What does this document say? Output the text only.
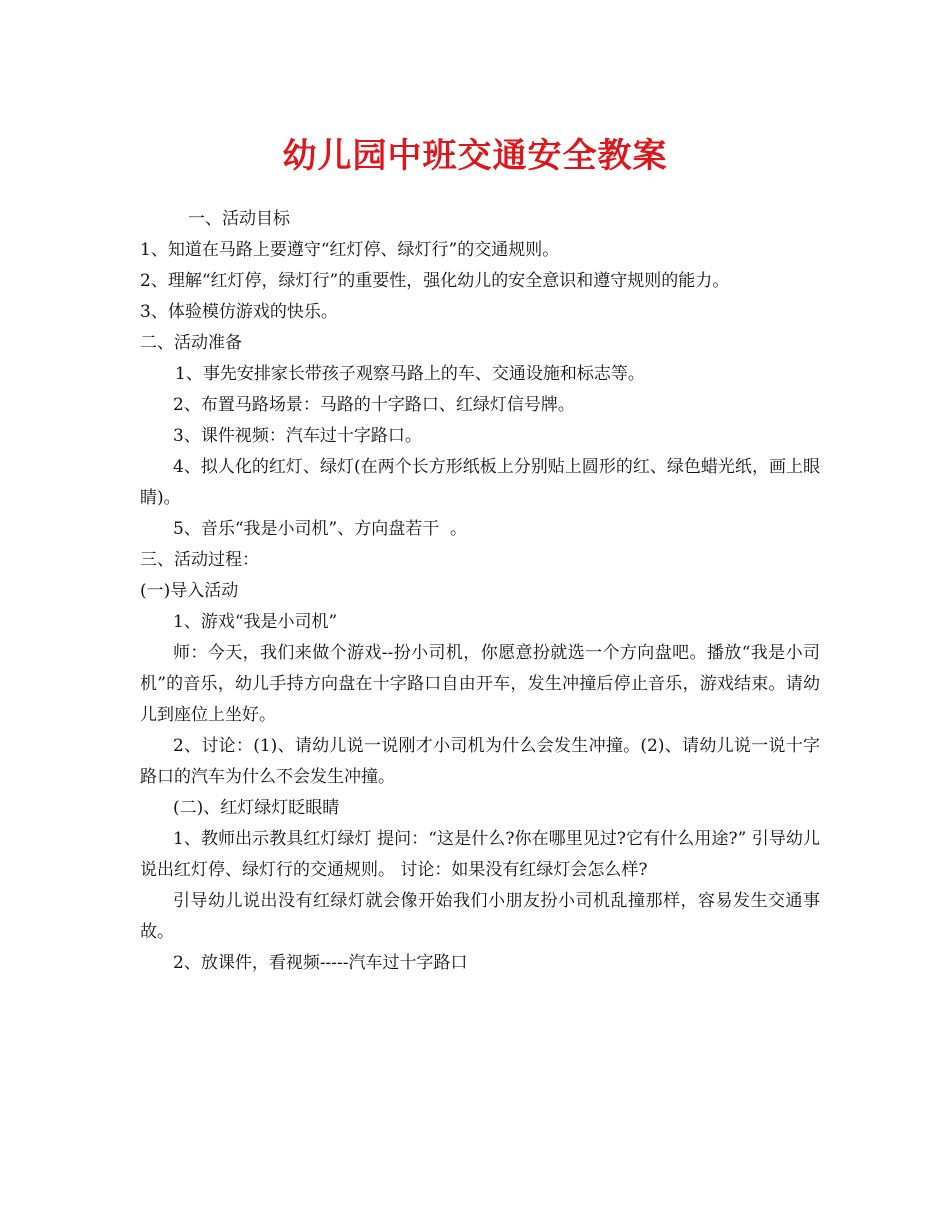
幼儿园中班交通安全教案

一、活动目标

1、知道在马路上要遵守“红灯停、绿灯行”的交通规则。

2、理解“红灯停，绿灯行”的重要性，强化幼儿的安全意识和遵守规则的能力。

3、体验模仿游戏的快乐。

二、活动准备

1、事先安排家长带孩子观察马路上的车、交通设施和标志等。

2、布置马路场景：马路的十字路口、红绿灯信号牌。

3、课件视频：汽车过十字路口。

4、拟人化的红灯、绿灯(在两个长方形纸板上分别贴上圆形的红、绿色蜡光纸，画上眼睛)。

5、音乐“我是小司机”、方向盘若干  。

三、活动过程：

(一)导入活动

1、游戏“我是小司机”

师：今天，我们来做个游戏--扮小司机，你愿意扮就选一个方向盘吧。播放“我是小司机”的音乐，幼儿手持方向盘在十字路口自由开车，发生冲撞后停止音乐，游戏结束。请幼儿到座位上坐好。

2、讨论：(1)、请幼儿说一说刚才小司机为什么会发生冲撞。(2)、请幼儿说一说十字路口的汽车为什么不会发生冲撞。

(二)、红灯绿灯眨眼睛

1、教师出示教具红灯绿灯 提问：“这是什么?你在哪里见过?它有什么用途?” 引导幼儿说出红灯停、绿灯行的交通规则。 讨论：如果没有红绿灯会怎么样?

引导幼儿说出没有红绿灯就会像开始我们小朋友扮小司机乱撞那样，容易发生交通事故。

2、放课件，看视频-----汽车过十字路口
